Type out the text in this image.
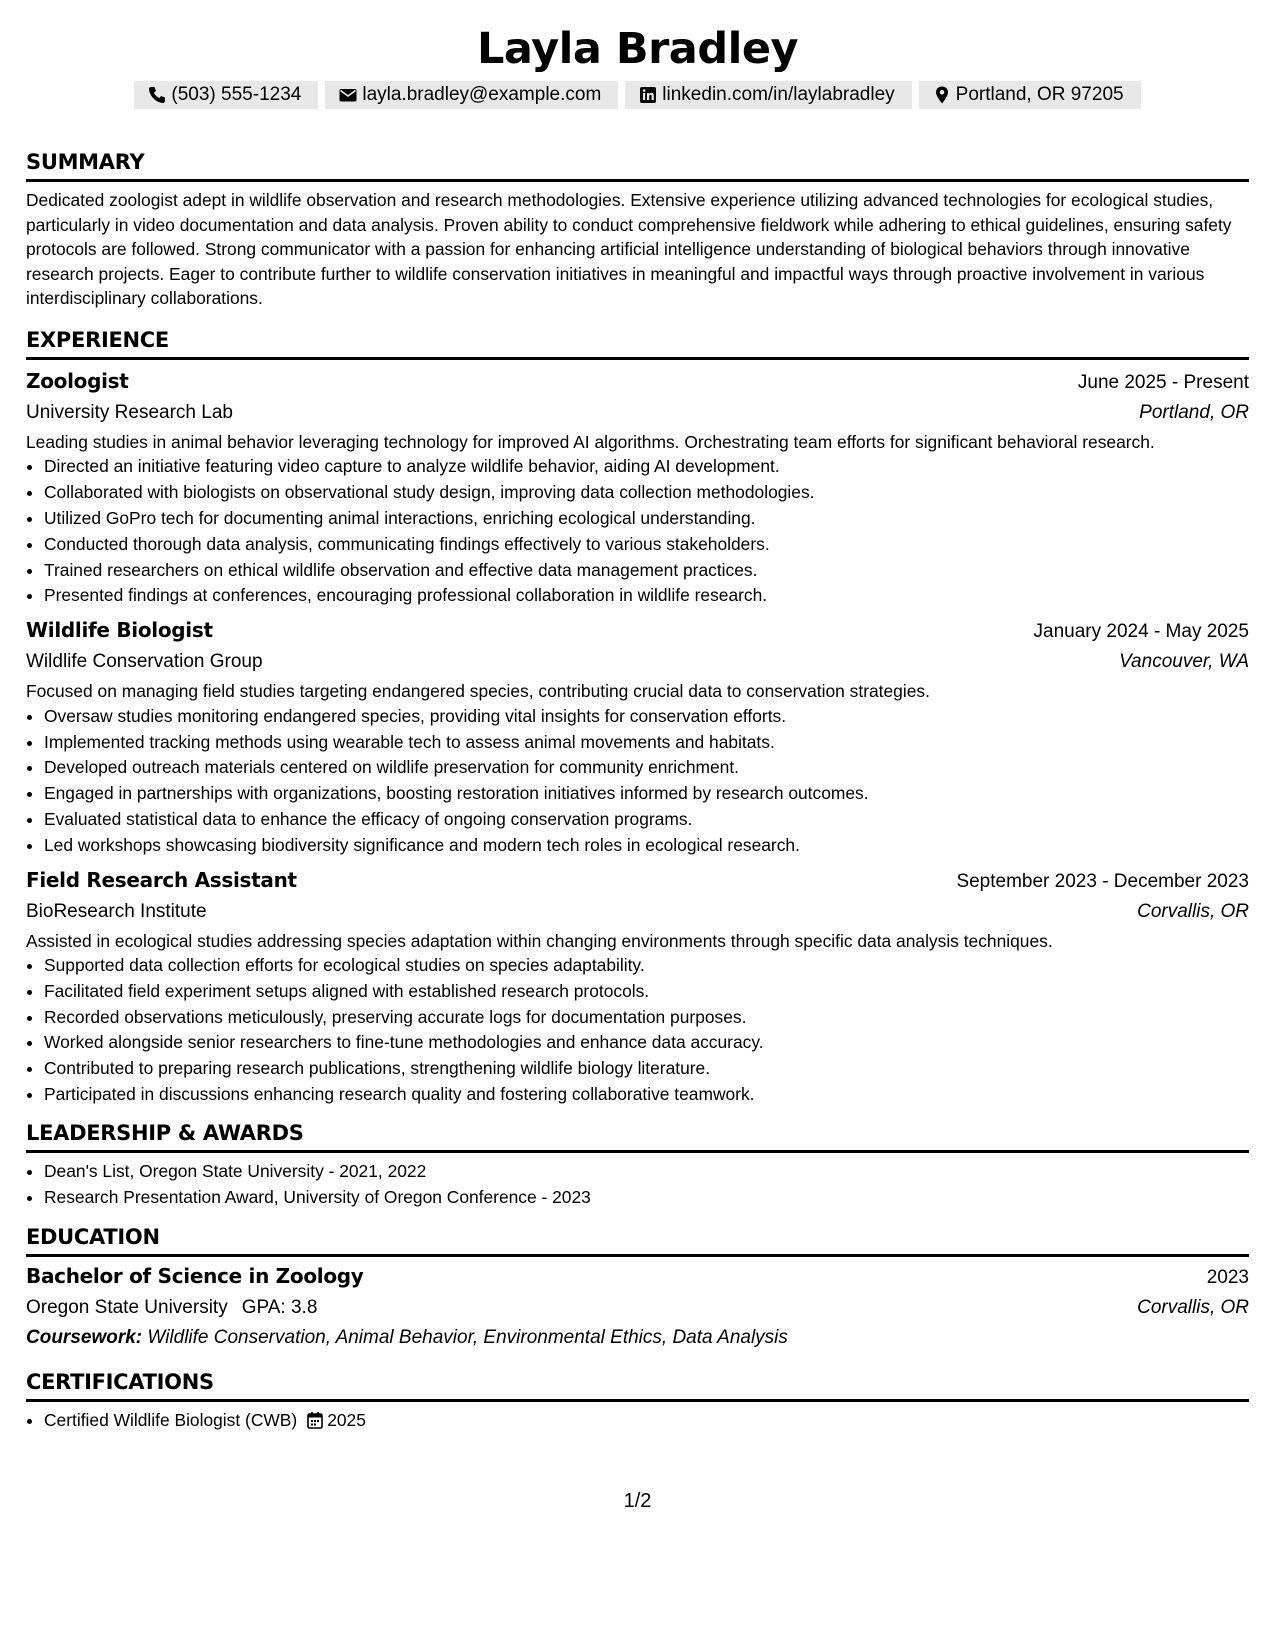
Layla Bradley
(503) 555-1234	layla.bradley@example.com	linkedin.com/in/laylabradley	Portland, OR 97205
SUMMARY
Dedicated zoologist adept in wildlife observation and research methodologies. Extensive experience utilizing advanced technologies for ecological studies, particularly in video documentation and data analysis. Proven ability to conduct comprehensive fieldwork while adhering to ethical guidelines, ensuring safety protocols are followed. Strong communicator with a passion for enhancing artificial intelligence understanding of biological behaviors through innovative research projects. Eager to contribute further to wildlife conservation initiatives in meaningful and impactful ways through proactive involvement in various interdisciplinary collaborations.
EXPERIENCE
Zoologist	June 2025 - Present
University Research Lab	Portland, OR
Leading studies in animal behavior leveraging technology for improved AI algorithms. Orchestrating team efforts for significant behavioral research.
• Directed an initiative featuring video capture to analyze wildlife behavior, aiding AI development.
• Collaborated with biologists on observational study design, improving data collection methodologies.
• Utilized GoPro tech for documenting animal interactions, enriching ecological understanding.
• Conducted thorough data analysis, communicating findings effectively to various stakeholders.
• Trained researchers on ethical wildlife observation and effective data management practices.
• Presented findings at conferences, encouraging professional collaboration in wildlife research.
Wildlife Biologist	January 2024 - May 2025
Wildlife Conservation Group	Vancouver, WA
Focused on managing field studies targeting endangered species, contributing crucial data to conservation strategies.
• Oversaw studies monitoring endangered species, providing vital insights for conservation efforts.
• Implemented tracking methods using wearable tech to assess animal movements and habitats.
• Developed outreach materials centered on wildlife preservation for community enrichment.
• Engaged in partnerships with organizations, boosting restoration initiatives informed by research outcomes.
• Evaluated statistical data to enhance the efficacy of ongoing conservation programs.
• Led workshops showcasing biodiversity significance and modern tech roles in ecological research.
Field Research Assistant	September 2023 - December 2023
BioResearch Institute	Corvallis, OR
Assisted in ecological studies addressing species adaptation within changing environments through specific data analysis techniques.
• Supported data collection efforts for ecological studies on species adaptability.
• Facilitated field experiment setups aligned with established research protocols.
• Recorded observations meticulously, preserving accurate logs for documentation purposes.
• Worked alongside senior researchers to fine-tune methodologies and enhance data accuracy.
• Contributed to preparing research publications, strengthening wildlife biology literature.
• Participated in discussions enhancing research quality and fostering collaborative teamwork.
LEADERSHIP & AWARDS
• Dean's List, Oregon State University - 2021, 2022
• Research Presentation Award, University of Oregon Conference - 2023
EDUCATION
Bachelor of Science in Zoology	2023
Oregon State University GPA: 3.8	Corvallis, OR
Coursework: Wildlife Conservation, Animal Behavior, Environmental Ethics, Data Analysis
CERTIFICATIONS
• Certified Wildlife Biologist (CWB) 2025
1/2
